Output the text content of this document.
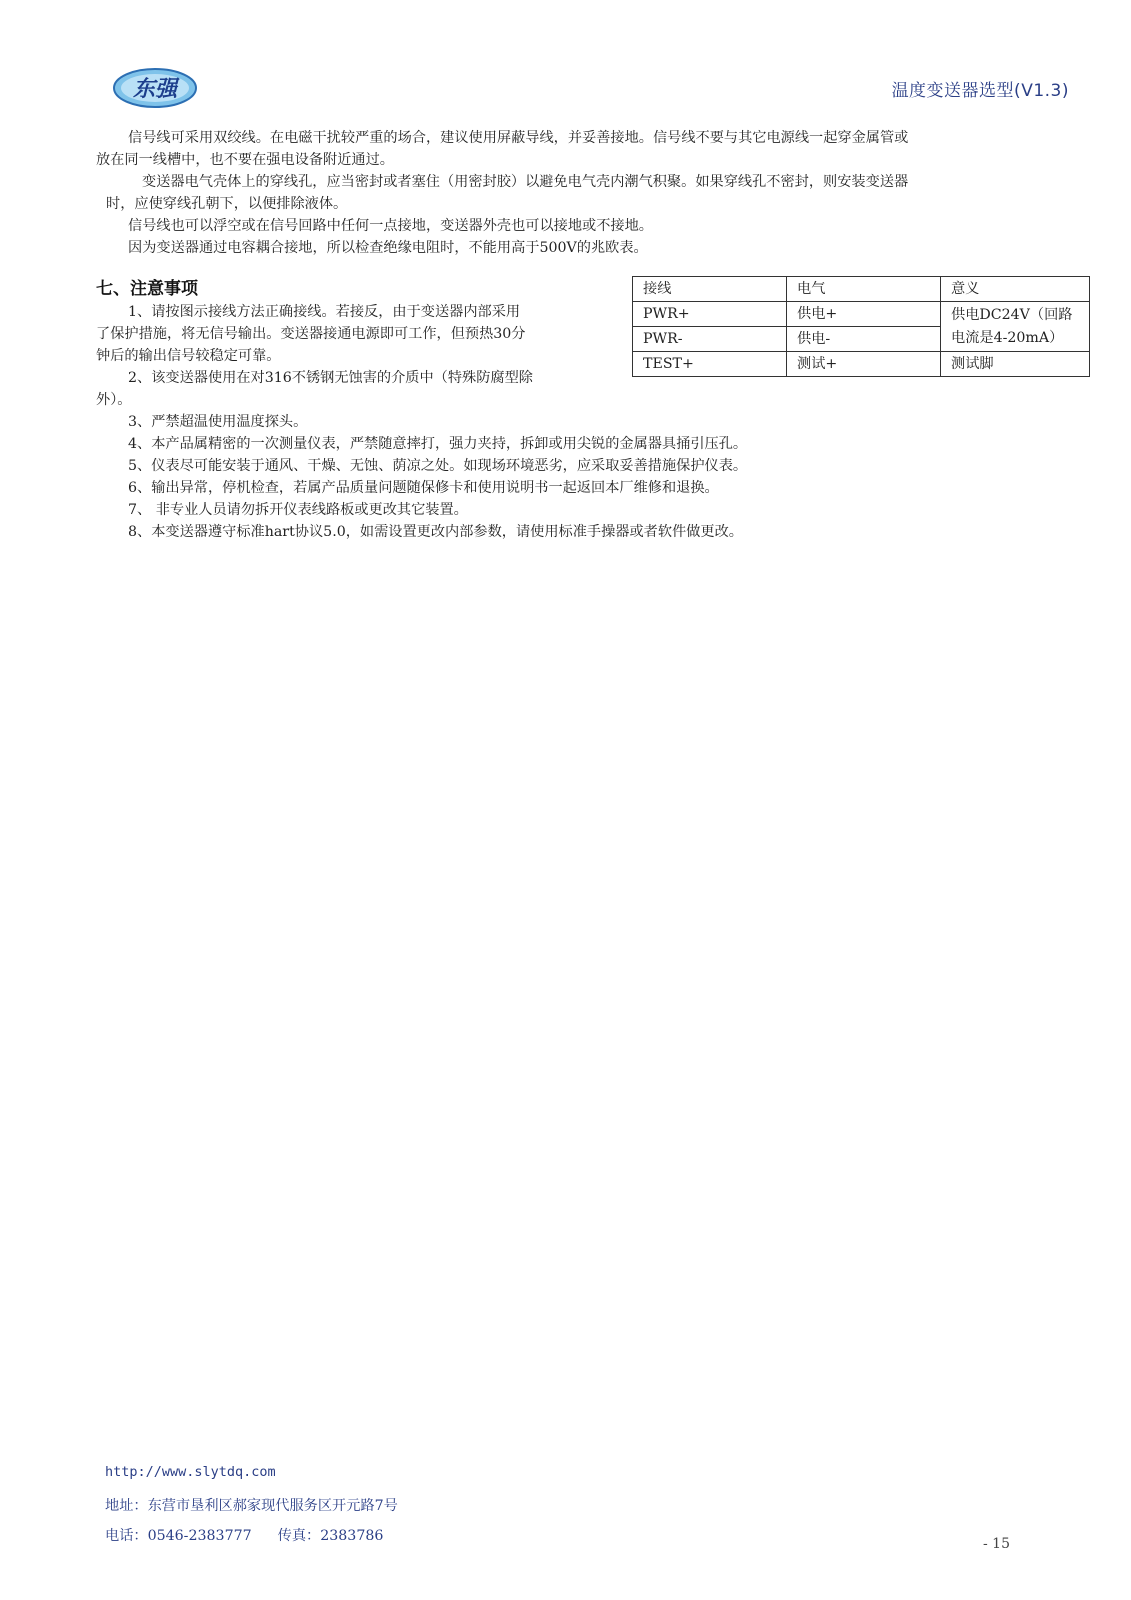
东强	温度变送器选型(V1.3)

信号线可采用双绞线。在电磁干扰较严重的场合，建议使用屏蔽导线，并妥善接地。信号线不要与其它电源线一起穿金属管或

放在同一线槽中，也不要在强电设备附近通过。

变送器电气壳体上的穿线孔，应当密封或者塞住（用密封胶）以避免电气壳内潮气积聚。如果穿线孔不密封，则安装变送器

时，应使穿线孔朝下，以便排除液体。

信号线也可以浮空或在信号回路中任何一点接地，变送器外壳也可以接地或不接地。

因为变送器通过电容耦合接地，所以检查绝缘电阻时，不能用高于500V的兆欧表。

七、注意事项

1、请按图示接线方法正确接线。若接反，由于变送器内部采用

了保护措施，将无信号输出。变送器接通电源即可工作，但预热30分

钟后的输出信号较稳定可靠。

2、该变送器使用在对316不锈钢无蚀害的介质中（特殊防腐型除

外）。

3、严禁超温使用温度探头。

4、本产品属精密的一次测量仪表，严禁随意摔打，强力夹持，拆卸或用尖锐的金属器具捅引压孔。

5、仪表尽可能安装于通风、干燥、无蚀、荫凉之处。如现场环境恶劣，应采取妥善措施保护仪表。

6、输出异常，停机检查，若属产品质量问题随保修卡和使用说明书一起返回本厂维修和退换。

7、 非专业人员请勿拆开仪表线路板或更改其它装置。

8、本变送器遵守标准hart协议5.0，如需设置更改内部参数，请使用标准手操器或者软件做更改。

接线	电气	意义
PWR+	供电+	供电DC24V（回路
电流是4-20mA）

PWR-	供电-	
TEST+	测试+	测试脚
http://www.slytdq.com
地址：东营市垦利区郝家现代服务区开元路7号
电话：0546-2383777 传真：2383786	- 15
